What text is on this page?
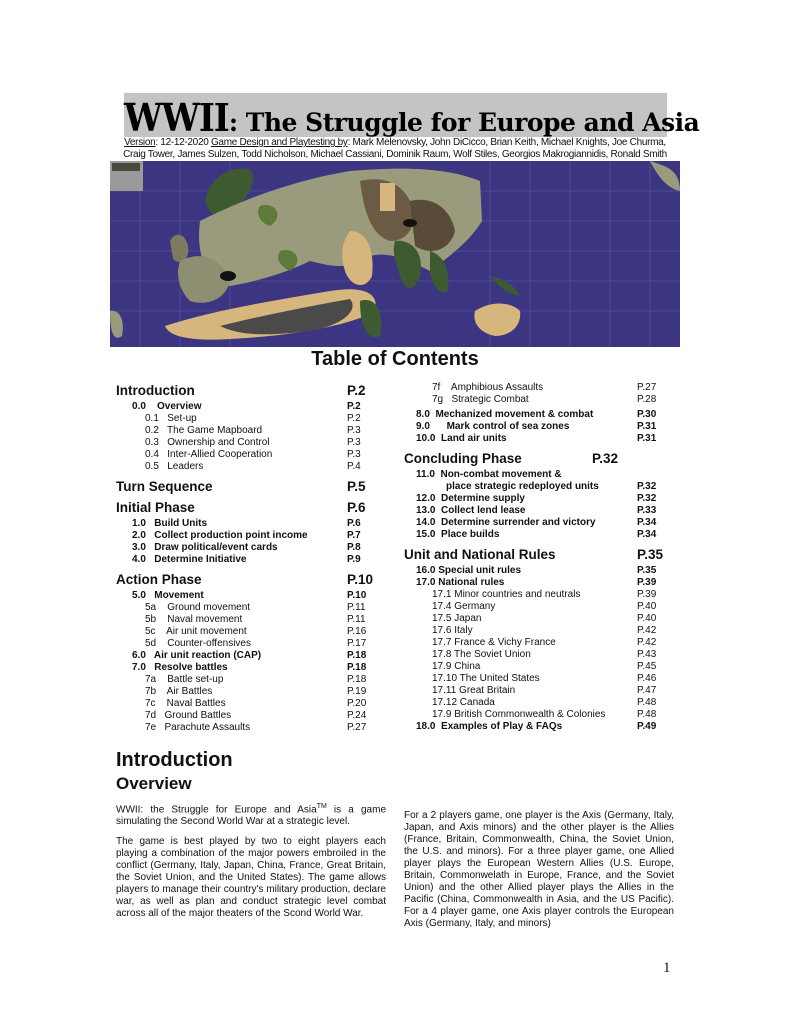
WWII: The Struggle for Europe and Asia
Version: 12-12-2020 Game Design and Playtesting by: Mark Melenovsky, John DiCicco, Brian Keith, Michael Knights, Joe Churma,
Craig Tower, James Sulzen, Todd Nicholson, Michael Cassiani, Dominik Raum, Wolf Stiles, Georgios Makrogiannidis, Ronald Smith
Table of Contents
Introduction	P.2
0.0    Overview	P.2
0.1   Set-up	P.2
0.2   The Game Mapboard	P.3
0.3   Ownership and Control	P.3
0.4   Inter-Allied Cooperation	P.3
0.5   Leaders	P.4
Turn Sequence	P.5
Initial Phase	P.6
1.0   Build Units	P.6
2.0   Collect production point income	P.7
3.0   Draw political/event cards	P.8
4.0   Determine Initiative	P.9
Action Phase	P.10
5.0   Movement	P.10
5a    Ground movement	P.11
5b    Naval movement	P.11
5c    Air unit movement	P.16
5d    Counter-offensives	P.17
6.0   Air unit reaction (CAP)	P.18
7.0   Resolve battles	P.18
7a    Battle set-up	P.18
7b    Air Battles	P.19
7c    Naval Battles	P.20
7d   Ground Battles	P.24
7e   Parachute Assaults	P.27
7f    Amphibious Assaults	P.27
7g   Strategic Combat	P.28
8.0  Mechanized movement & combat	P.30
9.0      Mark control of sea zones	P.31
10.0  Land air units	P.31
Concluding Phase	P.32
11.0  Non-combat movement &
place strategic redeployed units	P.32
12.0  Determine supply	P.32
13.0  Collect lend lease	P.33
14.0  Determine surrender and victory	P.34
15.0  Place builds	P.34
Unit and National Rules	P.35
16.0 Special unit rules	P.35
17.0 National rules	P.39
17.1 Minor countries and neutrals	P.39
17.4 Germany	P.40
17.5 Japan	P.40
17.6 Italy	P.42
17.7 France & Vichy France	P.42
17.8 The Soviet Union	P.43
17.9 China	P.45
17.10 The United States	P.46
17.11 Great Britain	P.47
17.12 Canada	P.48
17.9 British Commonwealth & Colonies	P.48
18.0  Examples of Play & FAQs	P.49
Introduction
Overview
WWII: the Struggle for Europe and Asia™ is a game simulating the Second World War at a strategic level.
The game is best played by two to eight players each playing a combination of the major powers embroiled in the conflict (Germany, Italy, Japan, China, France, Great Britain, the Soviet Union, and the United States). The game allows players to manage their country's military production, declare war, as well as plan and conduct strategic level combat across all of the major theaters of the Scond World War.
For a 2 players game, one player is the Axis (Germany, Italy, Japan, and Axis minors) and the other player is the Allies (France, Britain, Commonwealth, China, the Soviet Union, the U.S. and minors). For a three player game, one Allied player plays the European Western Allies (U.S. Europe, Britain, Commonwelath in Europe, France, and the Soviet Union) and the other Allied player plays the Allies in the Pacific (China, Commonwealth in Asia, and the US Pacific). For a 4 player game, one Axis player controls the European Axis (Germany, Italy, and minors)
1
